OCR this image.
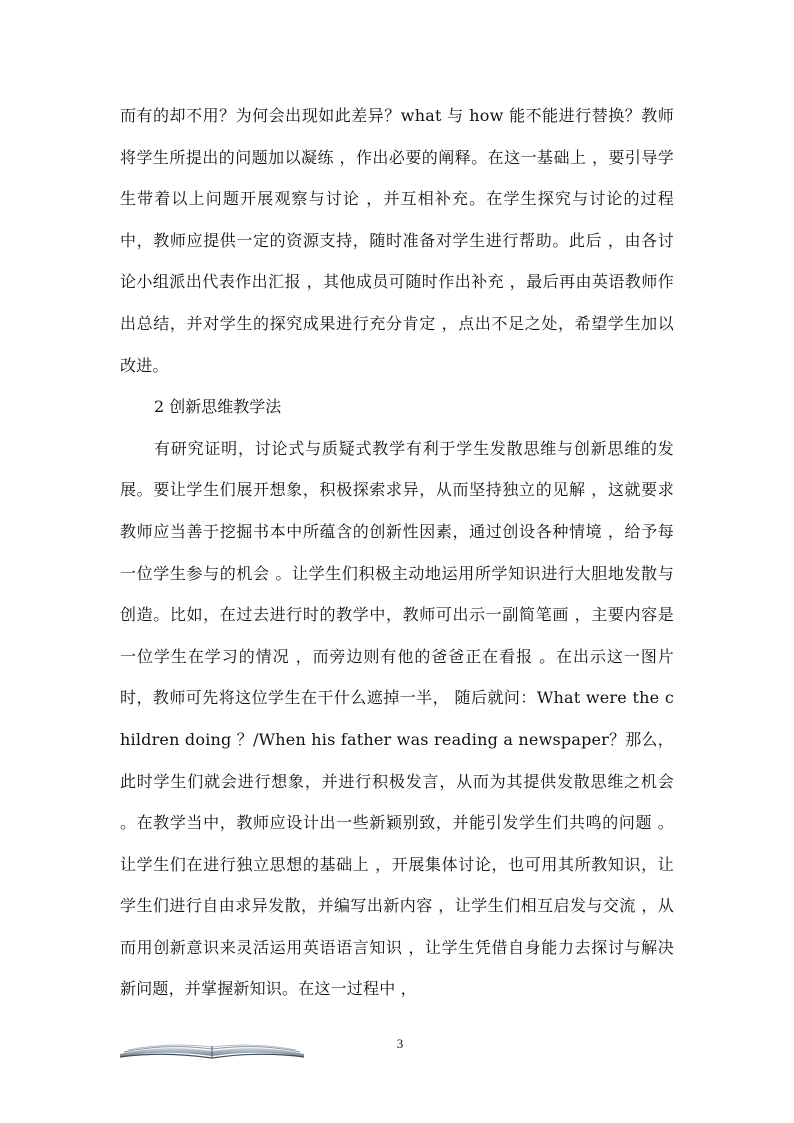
而有的却不用？为何会出现如此差异？what 与 how 能不能进行替换？教师将学生所提出的问题加以凝练 ，作出必要的阐释。在这一基础上 ，要引导学生带着以上问题开展观察与讨论 ，并互相补充。在学生探究与讨论的过程中，教师应提供一定的资源支持，随时准备对学生进行帮助。此后 ，由各讨论小组派出代表作出汇报 ，其他成员可随时作出补充 ，最后再由英语教师作出总结，并对学生的探究成果进行充分肯定 ，点出不足之处，希望学生加以改进。

2 创新思维教学法

有研究证明，讨论式与质疑式教学有利于学生发散思维与创新思维的发展。要让学生们展开想象，积极探索求异，从而坚持独立的见解 ，这就要求教师应当善于挖掘书本中所蕴含的创新性因素，通过创设各种情境 ，给予每一位学生参与的机会 。让学生们积极主动地运用所学知识进行大胆地发散与创造。比如，在过去进行时的教学中，教师可出示一副简笔画 ，主要内容是一位学生在学习的情况 ，而旁边则有他的爸爸正在看报 。在出示这一图片时，教师可先将这位学生在干什么遮掉一半， 随后就问：What were the children doing ？/When his father was reading a newspaper？那么，此时学生们就会进行想象，并进行积极发言，从而为其提供发散思维之机会 。在教学当中，教师应设计出一些新颖别致，并能引发学生们共鸣的问题 。让学生们在进行独立思想的基础上 ，开展集体讨论，也可用其所教知识，让学生们进行自由求异发散，并编写出新内容 ，让学生们相互启发与交流 ，从而用创新意识来灵活运用英语语言知识 ，让学生凭借自身能力去探讨与解决新问题，并掌握新知识。在这一过程中 ，

3
